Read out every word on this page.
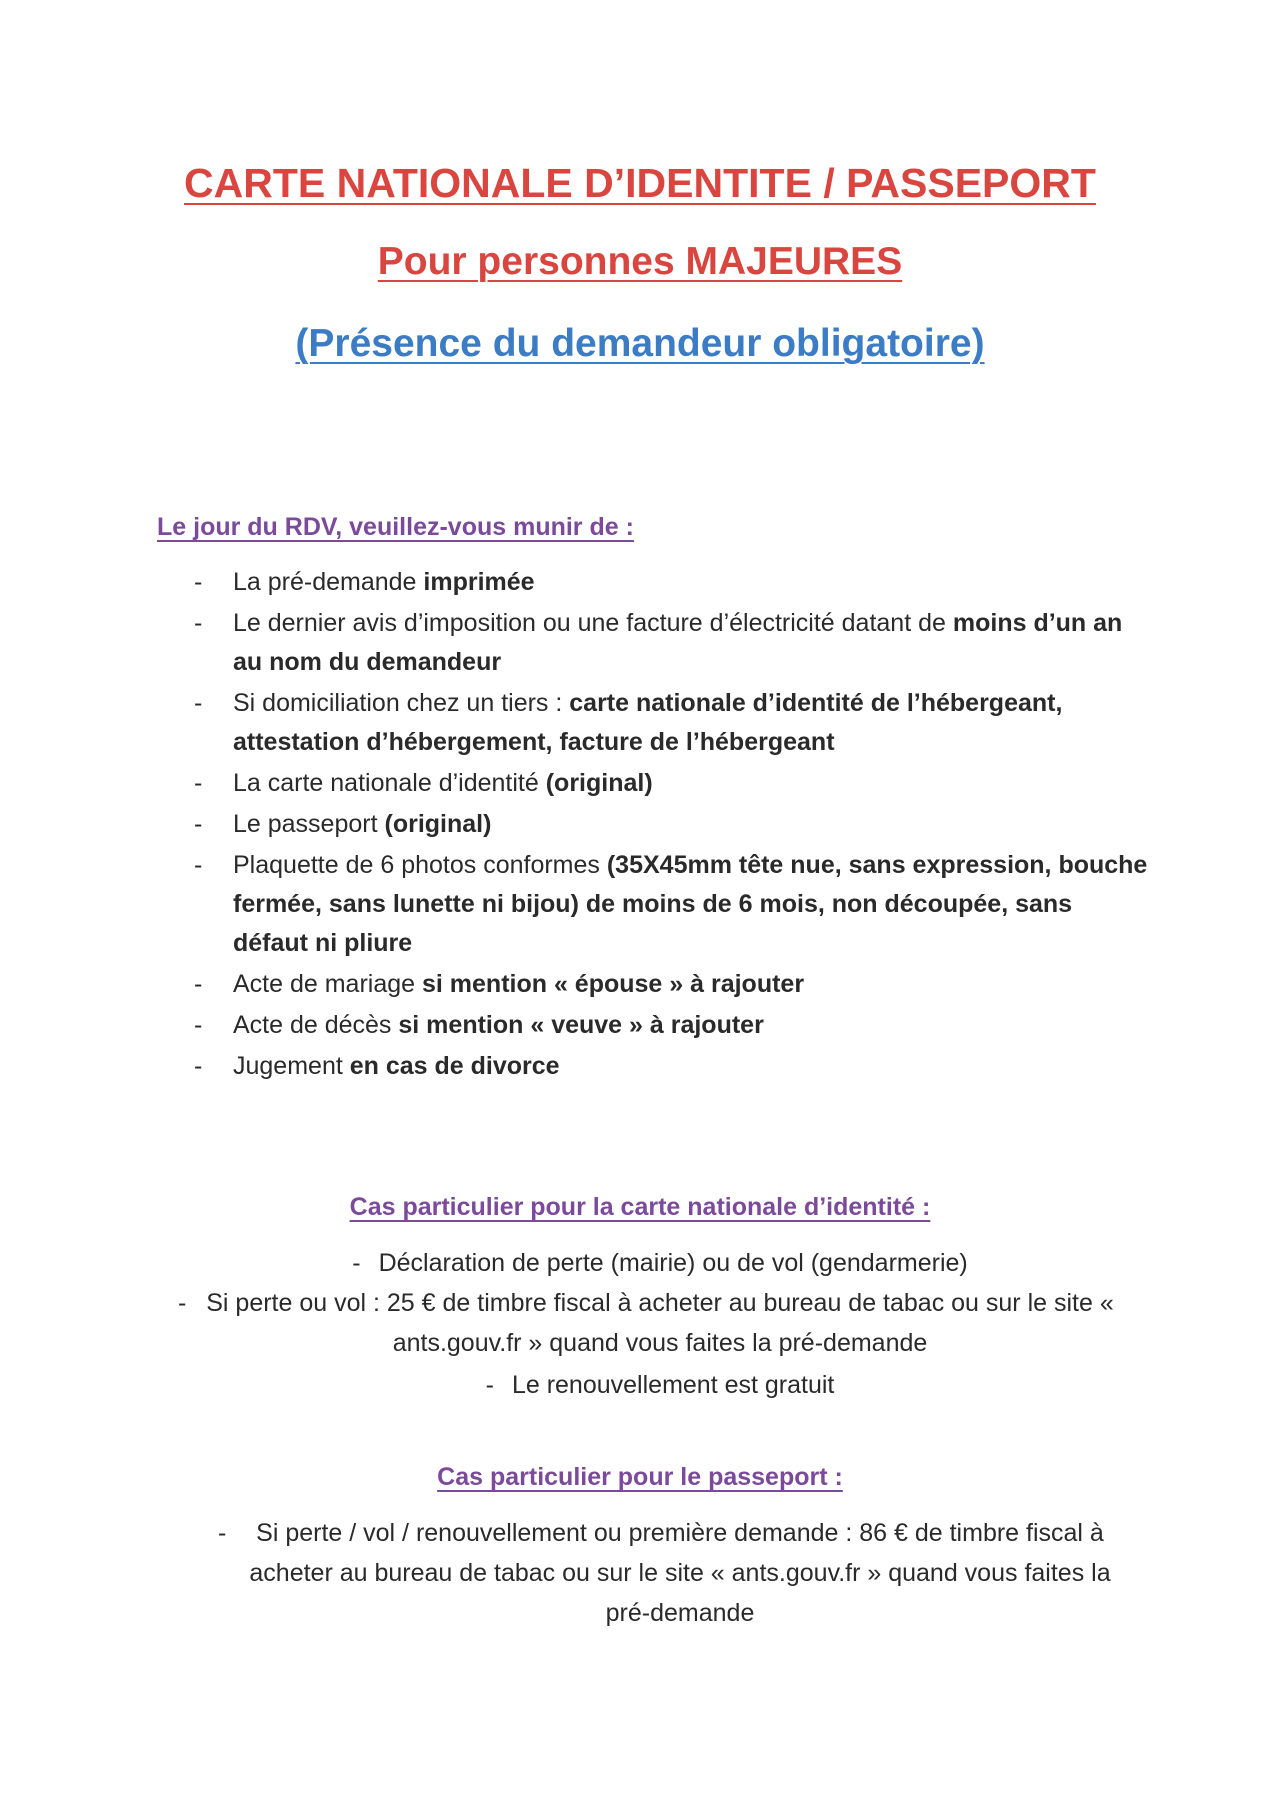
CARTE NATIONALE D’IDENTITE / PASSEPORT
Pour personnes MAJEURES
(Présence du demandeur obligatoire)

Le jour du RDV, veuillez-vous munir de :

- La pré-demande imprimée
- Le dernier avis d’imposition ou une facture d’électricité datant de moins d’un an au nom du demandeur
- Si domiciliation chez un tiers : carte nationale d’identité de l’hébergeant, attestation d’hébergement, facture de l’hébergeant
- La carte nationale d’identité (original)
- Le passeport (original)
- Plaquette de 6 photos conformes (35X45mm tête nue, sans expression, bouche fermée, sans lunette ni bijou) de moins de 6 mois, non découpée, sans défaut ni pliure
- Acte de mariage si mention « épouse » à rajouter
- Acte de décès si mention « veuve » à rajouter
- Jugement en cas de divorce

Cas particulier pour la carte nationale d’identité :

- Déclaration de perte (mairie) ou de vol (gendarmerie)

- Si perte ou vol : 25 € de timbre fiscal à acheter au bureau de tabac ou sur le site « ants.gouv.fr » quand vous faites la pré-demande

- Le renouvellement est gratuit

Cas particulier pour le passeport :

- Si perte / vol / renouvellement ou première demande : 86 € de timbre fiscal à acheter au bureau de tabac ou sur le site « ants.gouv.fr » quand vous faites la pré-demande
